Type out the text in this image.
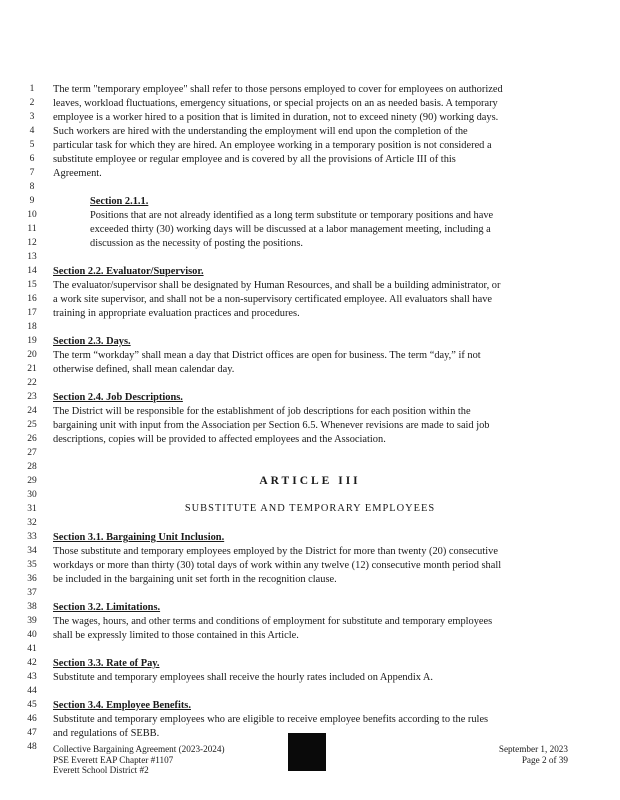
1
2
3
4
5
6
7
8
9
10
11
12
13
14
15
16
17
18
19
20
21
22
23
24
25
26
27
28
29
30
31
32
33
34
35
36
37
38
39
40
41
42
43
44
45
46
47
48
The term "temporary employee" shall refer to those persons employed to cover for employees on authorized
leaves, workload fluctuations, emergency situations, or special projects on an as needed basis. A temporary
employee is a worker hired to a position that is limited in duration, not to exceed ninety (90) working days.
Such workers are hired with the understanding the employment will end upon the completion of the
particular task for which they are hired. An employee working in a temporary position is not considered a
substitute employee or regular employee and is covered by all the provisions of Article III of this
Agreement.
Section 2.1.1.
Positions that are not already identified as a long term substitute or temporary positions and have
exceeded thirty (30) working days will be discussed at a labor management meeting, including a
discussion as the necessity of posting the positions.
Section 2.2. Evaluator/Supervisor.
The evaluator/supervisor shall be designated by Human Resources, and shall be a building administrator, or
a work site supervisor, and shall not be a non-supervisory certificated employee. All evaluators shall have
training in appropriate evaluation practices and procedures.
Section 2.3. Days.
The term “workday” shall mean a day that District offices are open for business. The term “day,” if not
otherwise defined, shall mean calendar day.
Section 2.4. Job Descriptions.
The District will be responsible for the establishment of job descriptions for each position within the
bargaining unit with input from the Association per Section 6.5. Whenever revisions are made to said job
descriptions, copies will be provided to affected employees and the Association.
ARTICLE III
SUBSTITUTE AND TEMPORARY EMPLOYEES
Section 3.1. Bargaining Unit Inclusion.
Those substitute and temporary employees employed by the District for more than twenty (20) consecutive
workdays or more than thirty (30) total days of work within any twelve (12) consecutive month period shall
be included in the bargaining unit set forth in the recognition clause.
Section 3.2. Limitations.
The wages, hours, and other terms and conditions of employment for substitute and temporary employees
shall be expressly limited to those contained in this Article.
Section 3.3. Rate of Pay.
Substitute and temporary employees shall receive the hourly rates included on Appendix A.
Section 3.4. Employee Benefits.
Substitute and temporary employees who are eligible to receive employee benefits according to the rules
and regulations of SEBB.
Collective Bargaining Agreement (2023-2024)
PSE Everett EAP Chapter #1107
Everett School District #2
September 1, 2023
Page 2 of 39
